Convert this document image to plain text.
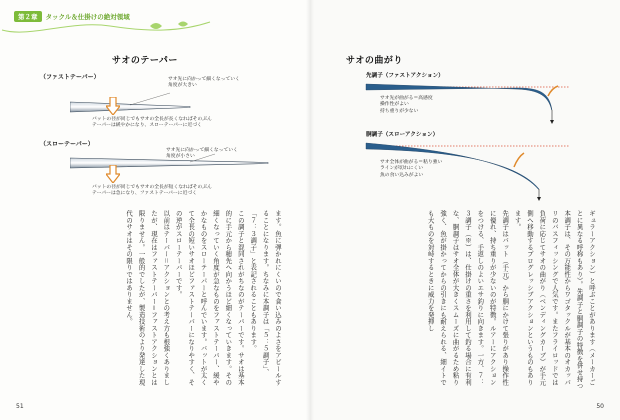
第２章	タックル＆仕掛けの絶対領域
サオのテーパー
（ファストテーパー）	サオ先に向かって細くなっていく
角度が大きい
バットの径が同じでもサオの全長が長くなればそのぶん
テーパーは緩やかになり、スローテーパーに近づく
（スローテーパー）
サオ先に向かって細くなっていく
角度が小さい
バットの径が同じでもサオの全長が短くなればそのぶん
テーパーは急になり、ファストテーパーに近づく
ます。魚に弾かれにくいので食い込みのよさをアピールすることになります。ちなみに本調子は「５：５調子」、「７：３調子」と表記されることもあります。
この調子と混同されがちなのがテーパーです。サオは基本的に手元から穂先へ向かうほど細くなっていきます。その細くなっていく角度が急なものをファストテーパー、緩やかなものをスローテーパーと呼んでいます。バットが太くて全長の短いサオほどファストテーパーになりやすく、その逆がスローテーパーです。
以前はテーパー＝アクションとの考え方も根強くありましたが、現在はファストテーパー＝ファストアクションとは限りません。一般的でしたが、製造技術のより発達した現代のサオはその限りではありません。
51
サオの曲がり
先調子（ファストアクション）
サオ先が曲がる＝高感度
操作性がよい
持ち重りが少ない
胴調子（スローアクション）
サオ全体が曲がる＝粘り強い
ラインが切れにくい
魚の食い込みがよい
ギュラーアクション）と呼ぶことがあります（メーカーごとに異なる呼称もあり）。先調子と胴調子の特徴を併せ持つ本調子は、その万能性からワゴタックルが基本のオカッパリのバスフィッシングで人気です。またフライロッドでは負荷に応じてサオの曲がり（ベンディングカーブ）が手元側へ移動するプログレッシブアクションというものもあります。
先調子はバット（手元）から胴にかけて張りがあり操作性に優れ、持ち重りが少ないのが特徴。ルアーにアクションをつける、手返しのよいエサ釣りに向きます。一方、７：３調子（※）は、仕掛けの重さを利用して釣る場合に有利な、胴調子はサオ全体が大きくスムーズに曲がるため粘り強く、魚が掛かってからの引きにも耐えられる、細イトでも大ものを対峙するときに威力を発揮し
50
